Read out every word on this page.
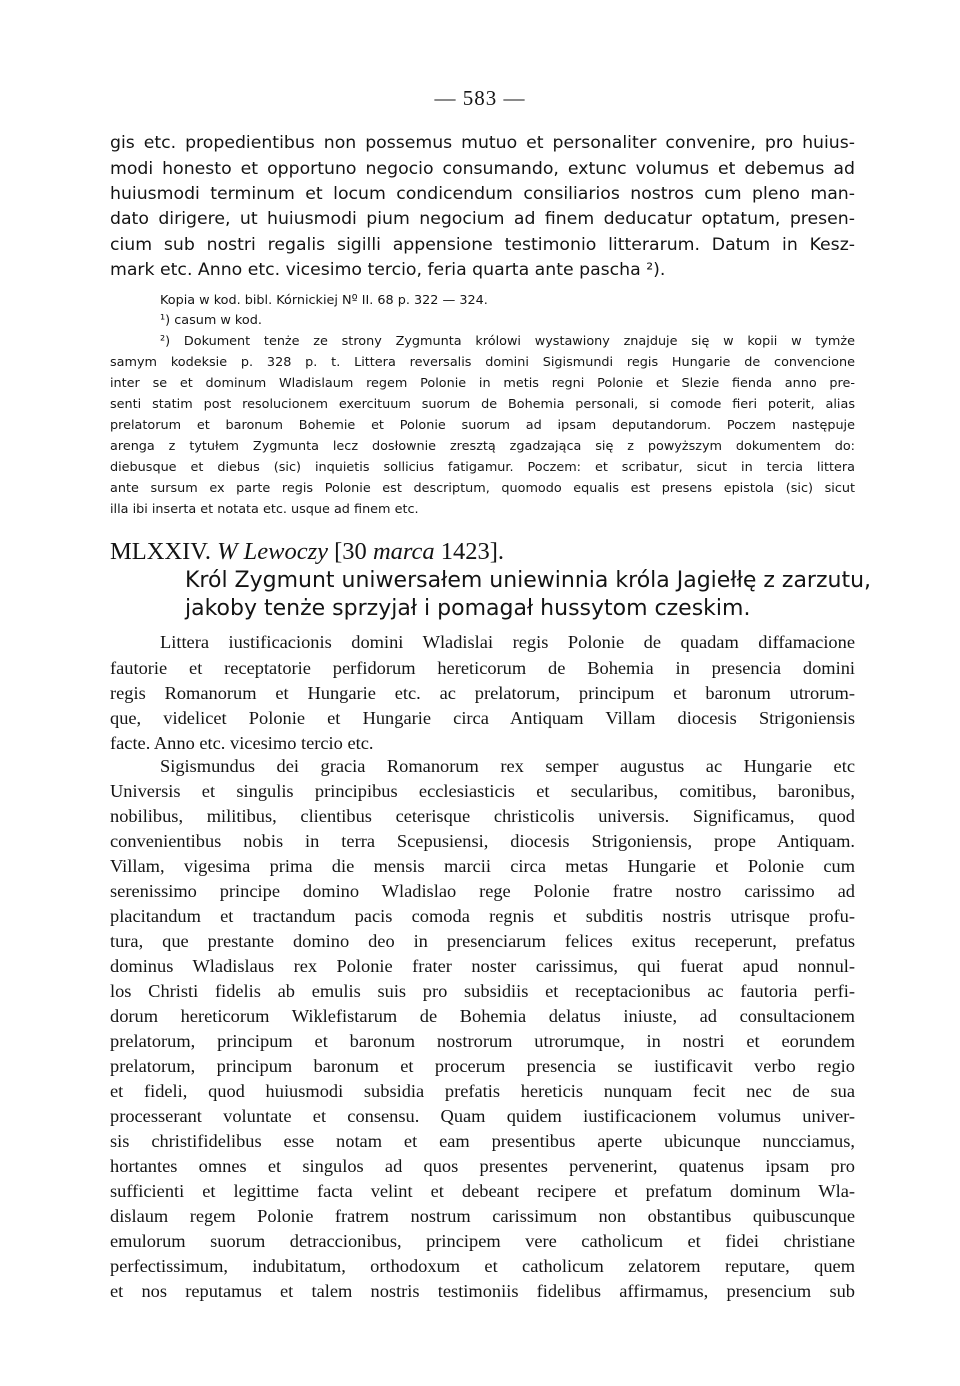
— 583 —
gis etc. propedientibus non possemus mutuo et personaliter convenire, pro huius-
modi honesto et opportuno negocio consumando, extunc volumus et debemus ad
huiusmodi terminum et locum condicendum consiliarios nostros cum pleno man-
dato dirigere, ut huiusmodi pium negocium ad finem deducatur optatum, presen-
cium sub nostri regalis sigilli appensione testimonio litterarum. Datum in Kesz-
mark etc. Anno etc. vicesimo tercio, feria quarta ante pascha ²).
Kopia w kod. bibl. Kórnickiej Nº II. 68 p. 322 — 324.
¹) casum w kod.
²) Dokument tenże ze strony Zygmunta królowi wystawiony znajduje się w kopii w tymże
samym kodeksie p. 328 p. t. Littera reversalis domini Sigismundi regis Hungarie de convencione
inter se et dominum Wladislaum regem Polonie in metis regni Polonie et Slezie fienda anno pre-
senti statim post resolucionem exercituum suorum de Bohemia personali, si comode fieri poterit, alias
prelatorum et baronum Bohemie et Polonie suorum ad ipsam deputandorum. Poczem następuje
arenga z tytułem Zygmunta lecz dosłownie zresztą zgadzająca się z powyższym dokumentem do:
diebusque et diebus (sic) inquietis sollicius fatigamur. Poczem: et scribatur, sicut in tercia littera
ante sursum ex parte regis Polonie est descriptum, quomodo equalis est presens epistola (sic) sicut
illa ibi inserta et notata etc. usque ad finem etc.
MLXXIV. W Lewoczy [30 marca 1423].
Król Zygmunt uniwersałem uniewinnia króla Jagiełłę z zarzutu,
jakoby tenże sprzyjał i pomagał hussytom czeskim.
Littera iustificacionis domini Wladislai regis Polonie de quadam diffamacione
fautorie et receptatorie perfidorum hereticorum de Bohemia in presencia domini
regis Romanorum et Hungarie etc. ac prelatorum, principum et baronum utrorum-
que, videlicet Polonie et Hungarie circa Antiquam Villam diocesis Strigoniensis
facte. Anno etc. vicesimo tercio etc.
Sigismundus dei gracia Romanorum rex semper augustus ac Hungarie etc
Universis et singulis principibus ecclesiasticis et secularibus, comitibus, baronibus,
nobilibus, militibus, clientibus ceterisque christicolis universis. Significamus, quod
convenientibus nobis in terra Scepusiensi, diocesis Strigoniensis, prope Antiquam.
Villam, vigesima prima die mensis marcii circa metas Hungarie et Polonie cum
serenissimo principe domino Wladislao rege Polonie fratre nostro carissimo ad
placitandum et tractandum pacis comoda regnis et subditis nostris utrisque profu-
tura, que prestante domino deo in presenciarum felices exitus receperunt, prefatus
dominus Wladislaus rex Polonie frater noster carissimus, qui fuerat apud nonnul-
los Christi fidelis ab emulis suis pro subsidiis et receptacionibus ac fautoria perfi-
dorum hereticorum Wiklefistarum de Bohemia delatus iniuste, ad consultacionem
prelatorum, principum et baronum nostrorum utrorumque, in nostri et eorundem
prelatorum, principum baronum et procerum presencia se iustificavit verbo regio
et fideli, quod huiusmodi subsidia prefatis hereticis nunquam fecit nec de sua
processerant voluntate et consensu. Quam quidem iustificacionem volumus univer-
sis christifidelibus esse notam et eam presentibus aperte ubicunque nuncciamus,
hortantes omnes et singulos ad quos presentes pervenerint, quatenus ipsam pro
sufficienti et legittime facta velint et debeant recipere et prefatum dominum Wla-
dislaum regem Polonie fratrem nostrum carissimum non obstantibus quibuscunque
emulorum suorum detraccionibus, principem vere catholicum et fidei christiane
perfectissimum, indubitatum, orthodoxum et catholicum zelatorem reputare, quem
et nos reputamus et talem nostris testimoniis fidelibus affirmamus, presencium sub
